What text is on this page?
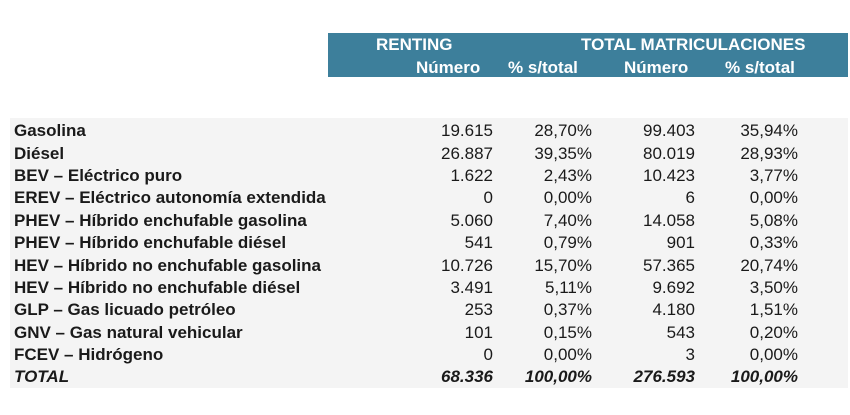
RENTING	TOTAL MATRICULACIONES
Número % s/total	Número % s/total
Gasolina	19.615	28,70%	99.403	35,94%
Diésel	26.887	39,35%	80.019	28,93%
BEV – Eléctrico puro	1.622	2,43%	10.423	3,77%
EREV – Eléctrico autonomía extendida	0	0,00%	6	0,00%
PHEV – Híbrido enchufable gasolina	5.060	7,40%	14.058	5,08%
PHEV – Híbrido enchufable diésel	541	0,79%	901	0,33%
HEV – Híbrido no enchufable gasolina	10.726	15,70%	57.365	20,74%
HEV – Híbrido no enchufable diésel	3.491	5,11%	9.692	3,50%
GLP – Gas licuado petróleo	253	0,37%	4.180	1,51%
GNV – Gas natural vehicular	101	0,15%	543	0,20%
FCEV – Hidrógeno	0	0,00%	3	0,00%
TOTAL	68.336	100,00%	276.593	100,00%
